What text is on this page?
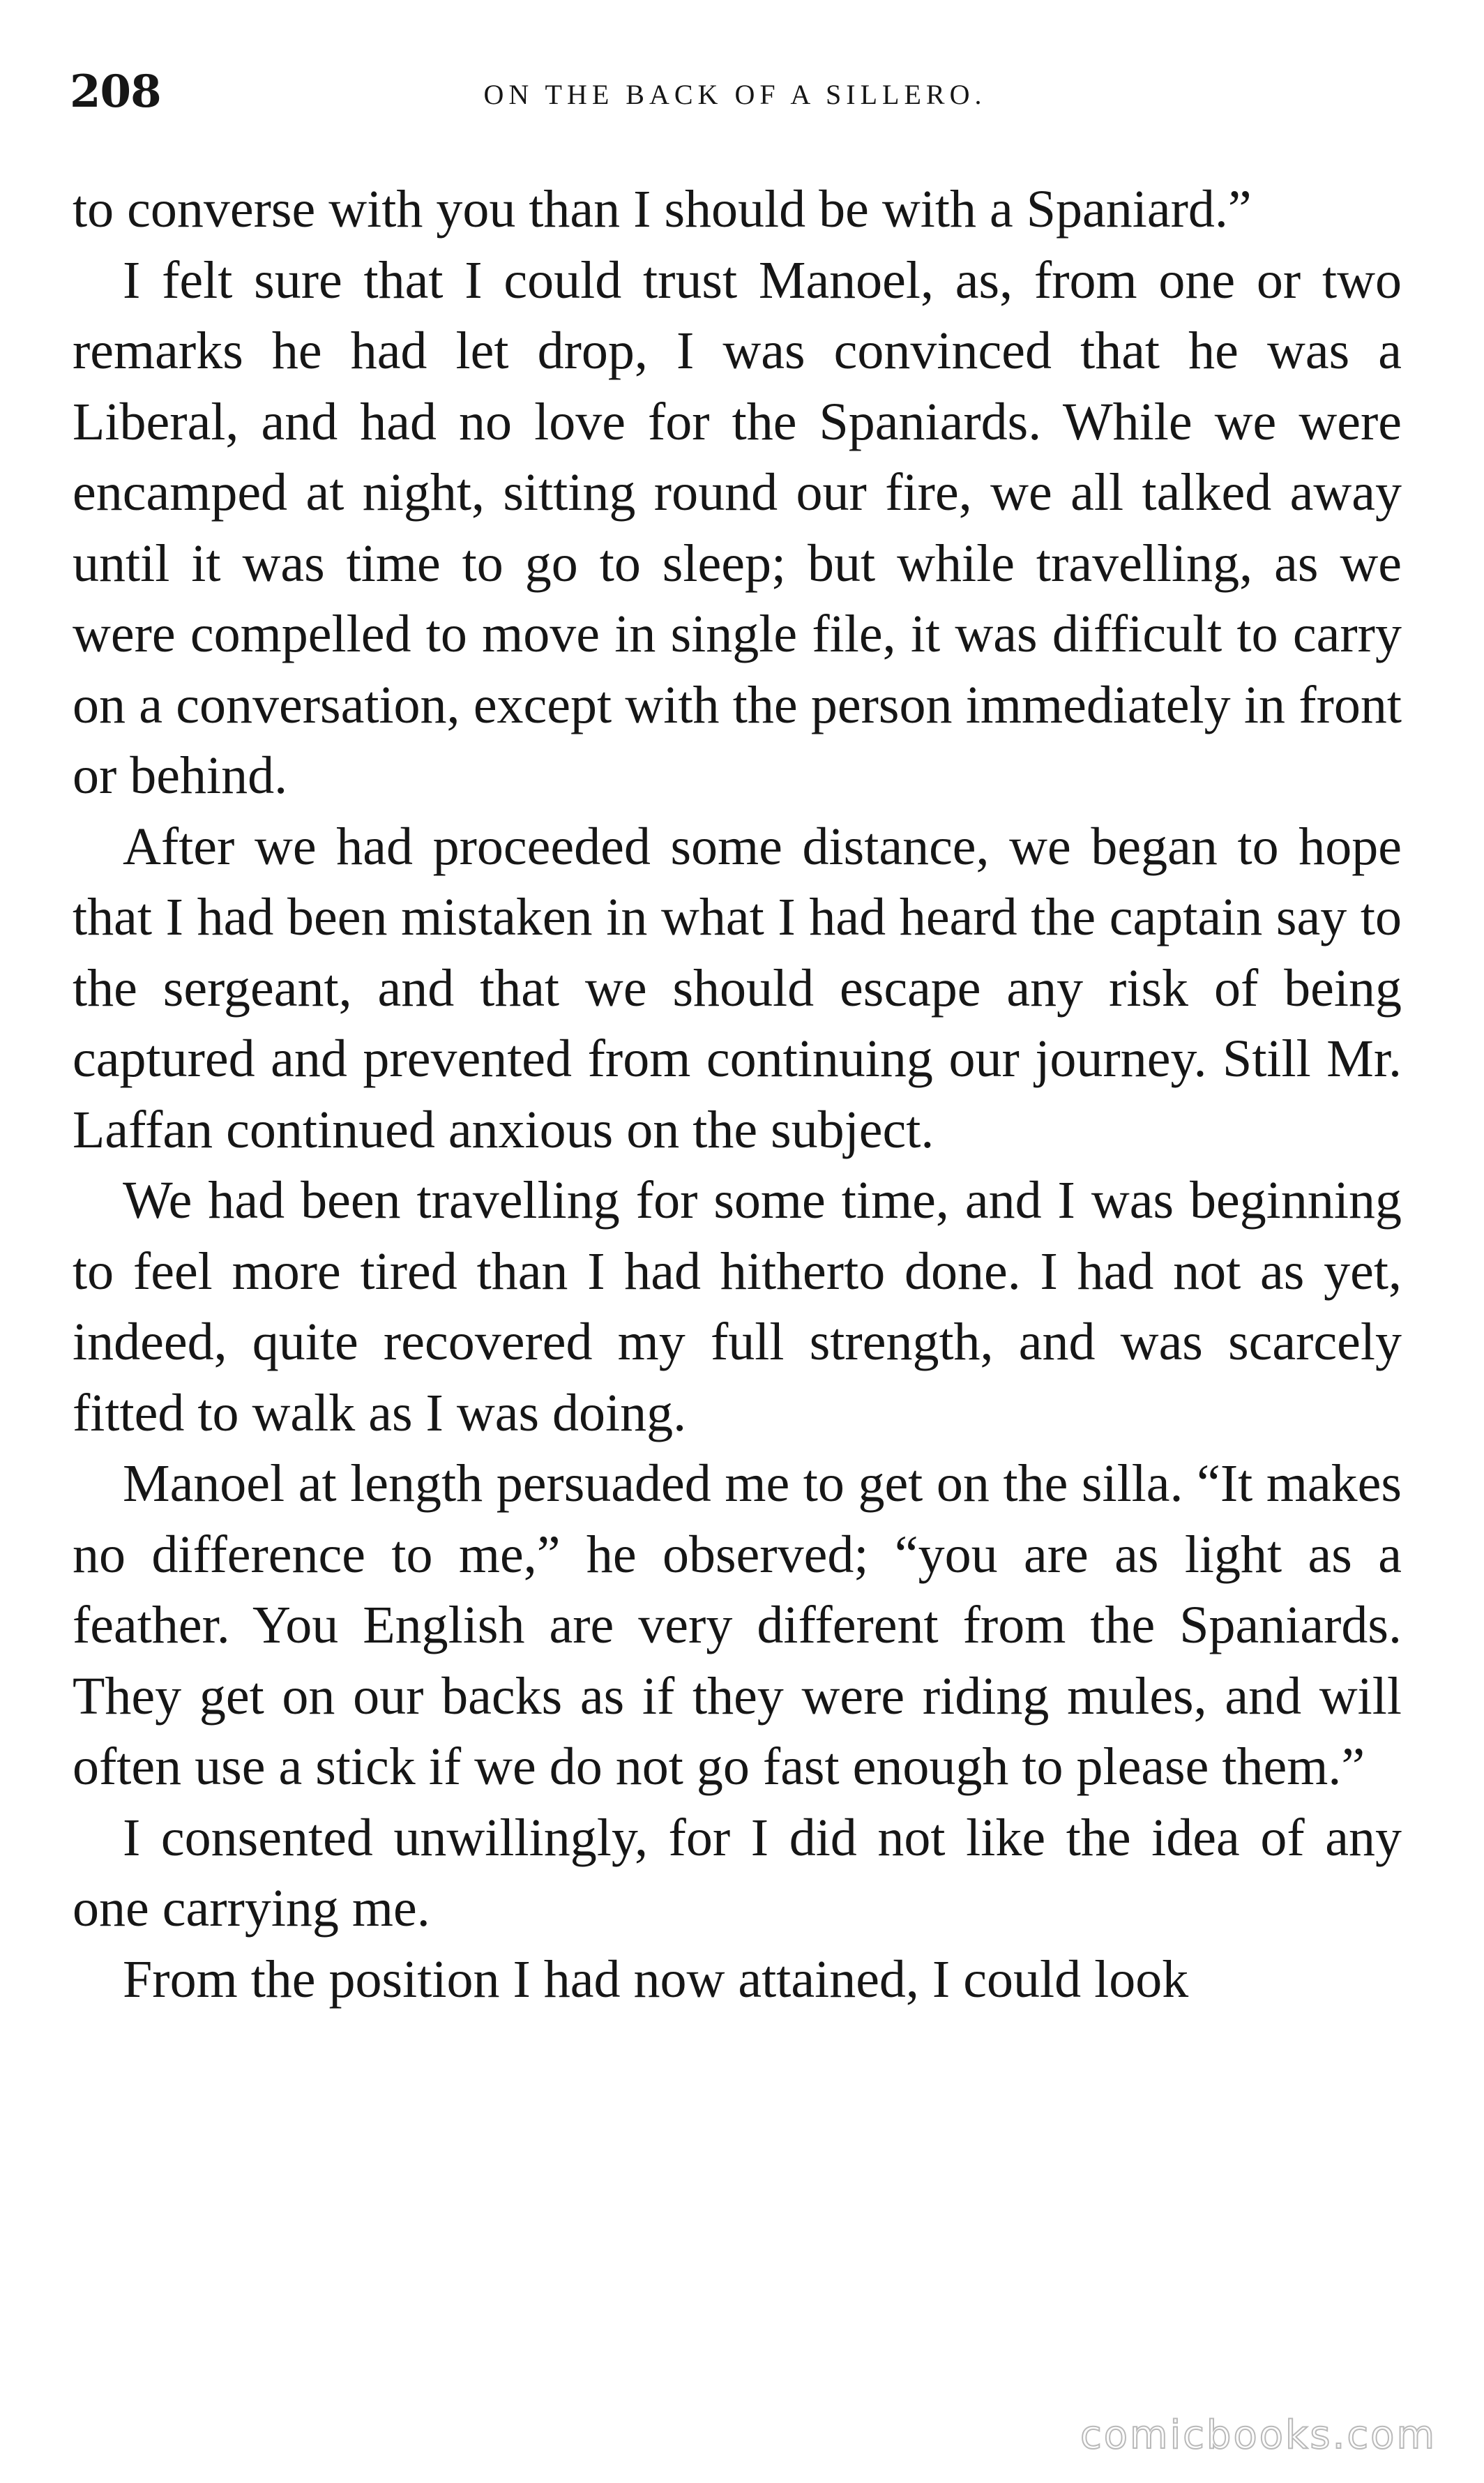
208	ON THE BACK OF A SILLERO.

to converse with you than I should be with a Spaniard.”

I felt sure that I could trust Manoel, as, from one or two remarks he had let drop, I was convinced that he was a Liberal, and had no love for the Spaniards. While we were encamped at night, sitting round our fire, we all talked away until it was time to go to sleep; but while travelling, as we were compelled to move in single file, it was difficult to carry on a conversation, except with the person immediately in front or behind.

After we had proceeded some distance, we began to hope that I had been mistaken in what I had heard the captain say to the sergeant, and that we should escape any risk of being captured and prevented from continuing our journey. Still Mr. Laffan continued anxious on the subject.

We had been travelling for some time, and I was beginning to feel more tired than I had hitherto done. I had not as yet, indeed, quite recovered my full strength, and was scarcely fitted to walk as I was doing.

Manoel at length persuaded me to get on the silla. “It makes no difference to me,” he observed; “you are as light as a feather. You English are very different from the Spaniards. They get on our backs as if they were riding mules, and will often use a stick if we do not go fast enough to please them.”

I consented unwillingly, for I did not like the idea of any one carrying me.

From the position I had now attained, I could look

comicbooks.com
